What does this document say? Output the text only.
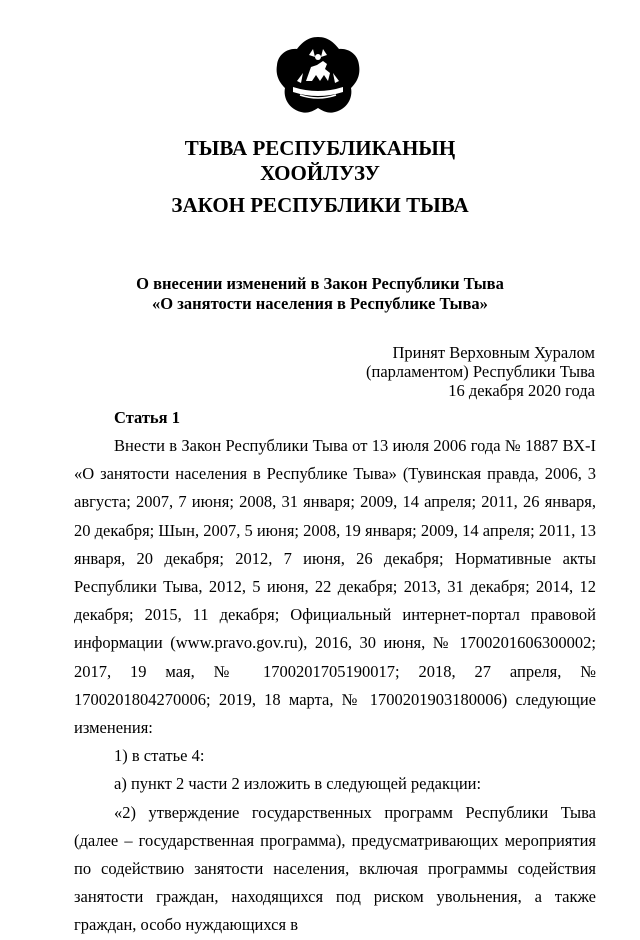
ТЫВА РЕСПУБЛИКАНЫҢ
ХООЙЛУЗУ
ЗАКОН РЕСПУБЛИКИ ТЫВА
О внесении изменений в Закон Республики Тыва
«О занятости населения в Республике Тыва»
Принят Верховным Хуралом
(парламентом) Республики Тыва
16 декабря 2020 года
Статья 1

Внести в Закон Республики Тыва от 13 июля 2006 года № 1887 ВХ-I «О занятости населения в Республике Тыва» (Тувинская правда, 2006, 3 августа; 2007, 7 июня; 2008, 31 января; 2009, 14 апреля; 2011, 26 января, 20 декабря; Шын, 2007, 5 июня; 2008, 19 января; 2009, 14 апреля; 2011, 13 января, 20 декабря; 2012, 7 июня, 26 декабря; Нормативные акты Республики Тыва, 2012, 5 июня, 22 декабря; 2013, 31 декабря; 2014, 12 декабря; 2015, 11 декабря; Официальный интернет-портал правовой информации (www.pravo.gov.ru), 2016, 30 июня, № 1700201606300002; 2017, 19 мая, № 1700201705190017; 2018, 27 апреля, № 1700201804270006; 2019, 18 марта, № 1700201903180006) следующие изменения:

1) в статье 4:

а) пункт 2 части 2 изложить в следующей редакции:

«2) утверждение государственных программ Республики Тыва (далее – государственная программа), предусматривающих мероприятия по содействию занятости населения, включая программы содействия занятости граждан, находящихся под риском увольнения, а также граждан, особо нуждающихся в
